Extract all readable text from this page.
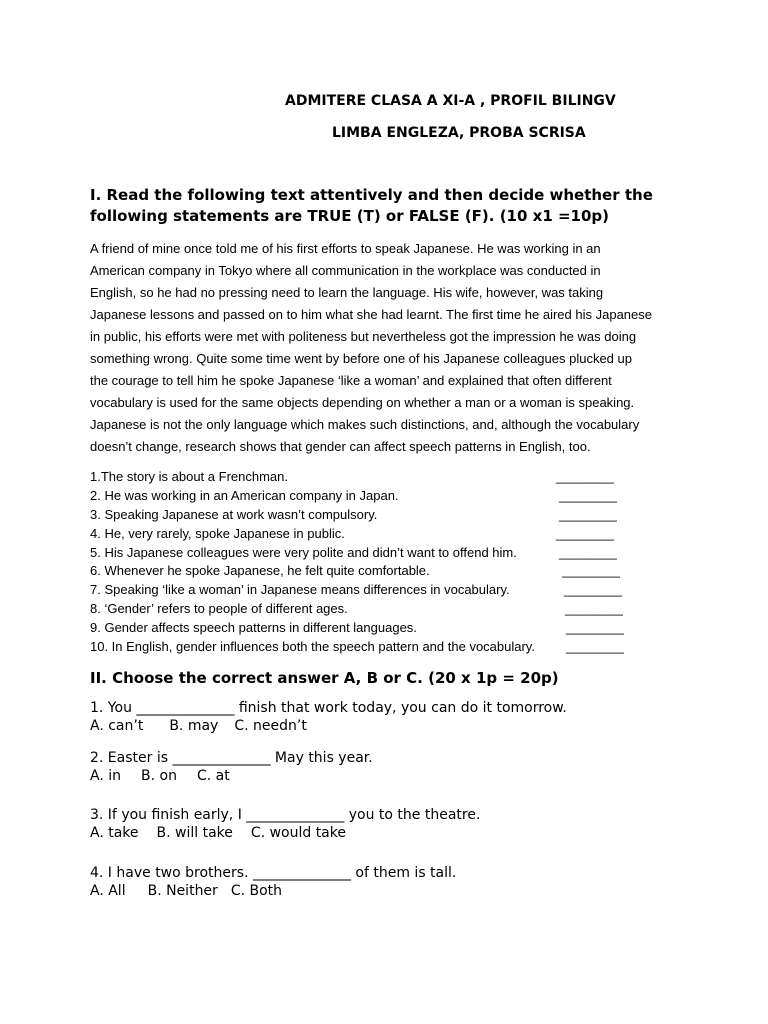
ADMITERE CLASA A XI-A , PROFIL BILINGV
LIMBA ENGLEZA, PROBA SCRISA
I. Read the following text attentively and then decide whether the following statements are TRUE (T) or FALSE (F). (10 x1 =10p)
A friend of mine once told me of his first efforts to speak Japanese. He was working in an
American company in Tokyo where all communication in the workplace was conducted in
English, so he had no pressing need to learn the language. His wife, however, was taking
Japanese lessons and passed on to him what she had learnt. The first time he aired his Japanese
in public, his efforts were met with politeness but nevertheless got the impression he was doing
something wrong. Quite some time went by before one of his Japanese colleagues plucked up
the courage to tell him he spoke Japanese ‘like a woman’ and explained that often different
vocabulary is used for the same objects depending on whether a man or a woman is speaking.
Japanese is not the only language which makes such distinctions, and, although the vocabulary
doesn’t change, research shows that gender can affect speech patterns in English, too.
1.The story is about a Frenchman.	________
2. He was working in an American company in Japan.	________
3. Speaking Japanese at work wasn’t compulsory.	________
4. He, very rarely, spoke Japanese in public.	________
5. His Japanese colleagues were very polite and didn’t want to offend him.	________
6. Whenever he spoke Japanese, he felt quite comfortable.	________
7. Speaking ‘like a woman’ in Japanese means differences in vocabulary.	________
8. ‘Gender’ refers to people of different ages.	________
9. Gender affects speech patterns in different languages.	________
10. In English, gender influences both the speech pattern and the vocabulary. ________
II. Choose the correct answer A, B or C. (20 x 1p = 20p)
1. You ______________ finish that work today, you can do it tomorrow.
A. can’t B. may C. needn’t
2. Easter is ______________ May this year.
A. in B. on C. at
3. If you finish early, I ______________ you to the theatre.
A. take B. will take C. would take
4. I have two brothers. ______________ of them is tall.
A. All B. Neither C. Both
